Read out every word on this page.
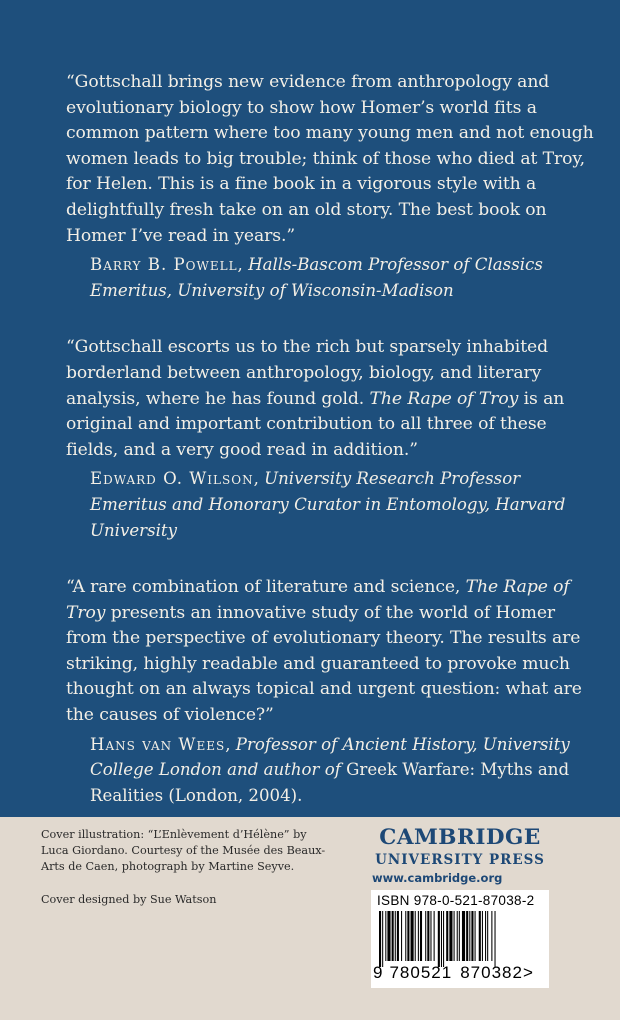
“Gottschall brings new evidence from anthropology and evolutionary biology to show how Homer’s world fits a common pattern where too many young men and not enough women leads to big trouble; think of those who died at Troy, for Helen. This is a fine book in a vigorous style with a delightfully fresh take on an old story. The best book on Homer I’ve read in years.”

Barry B. Powell, Halls-Bascom Professor of Classics Emeritus, University of Wisconsin-Madison

“Gottschall escorts us to the rich but sparsely inhabited borderland between anthropology, biology, and literary analysis, where he has found gold. The Rape of Troy is an original and important contribution to all three of these fields, and a very good read in addition.”

Edward O. Wilson, University Research Professor Emeritus and Honorary Curator in Entomology, Harvard University

“A rare combination of literature and science, The Rape of Troy presents an innovative study of the world of Homer from the perspective of evolutionary theory. The results are striking, highly readable and guaranteed to provoke much thought on an always topical and urgent question: what are the causes of violence?”

Hans van Wees, Professor of Ancient History, University College London and author of Greek Warfare: Myths and Realities (London, 2004).

Cover illustration: “L’Enlèvement d’Hélène” by Luca Giordano. Courtesy of the Musée des Beaux-Arts de Caen, photograph by Martine Seyve.
Cover designed by Sue Watson
CAMBRIDGE
UNIVERSITY PRESS
www.cambridge.org
ISBN 978-0-521-87038-2
9 780521 870382>
